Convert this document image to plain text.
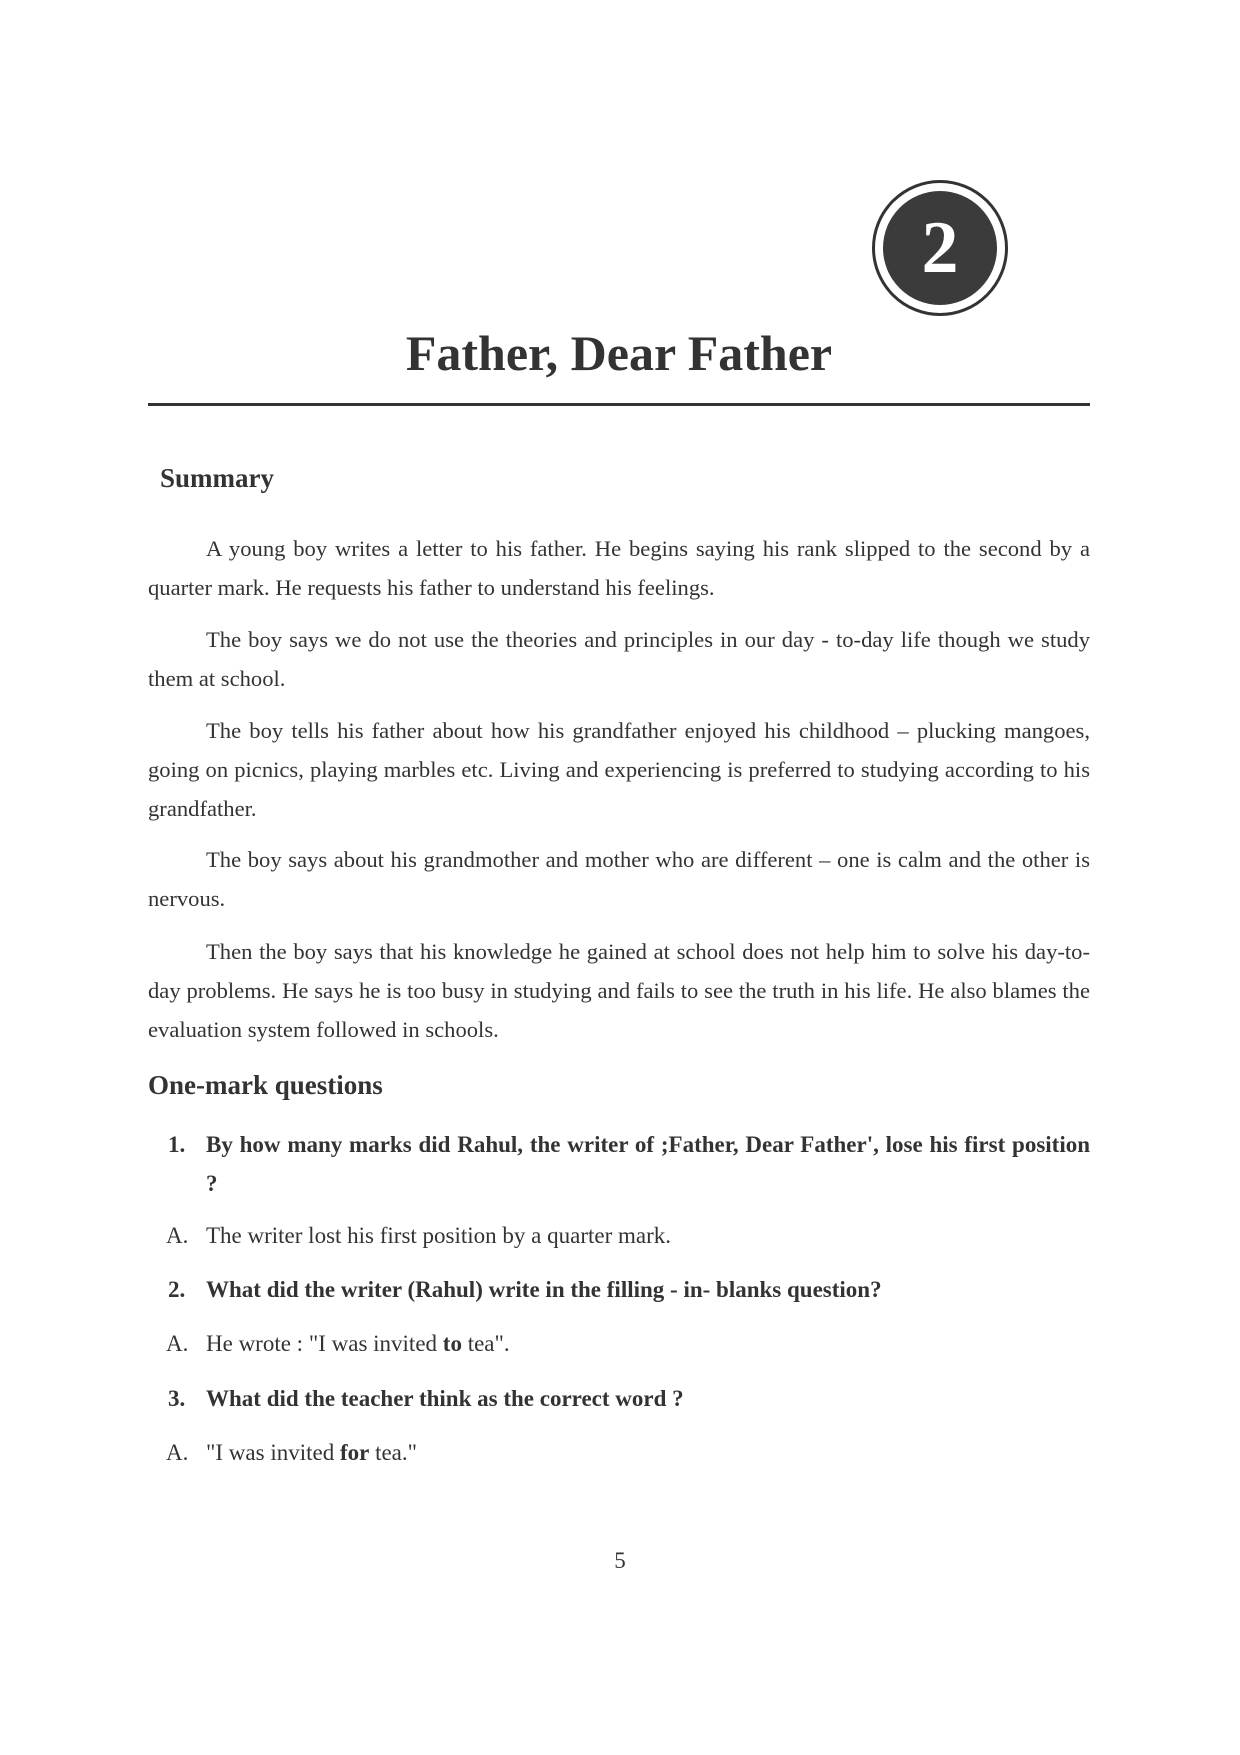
2
Father, Dear Father
Summary

A young boy writes a letter to his father. He begins saying his rank slipped to the second by a quarter mark. He requests his father to understand his feelings.

The boy says we do not use the theories and principles in our day - to-day life though we study them at school.

The boy tells his father about how his grandfather enjoyed his childhood – plucking mangoes, going on picnics, playing marbles etc. Living and experiencing is preferred to studying according to his grandfather.

The boy says about his grandmother and mother who are different – one is calm and the other is nervous.

Then the boy says that his knowledge he gained at school does not help him to solve his day-to-day problems. He says he is too busy in studying and fails to see the truth in his life. He also blames the evaluation system followed in schools.

One-mark questions
1. By how many marks did Rahul, the writer of ;Father, Dear Father', lose his first position ?
A. The writer lost his first position by a quarter mark.
2. What did the writer (Rahul) write in the filling - in- blanks question?
A. He wrote : "I was invited to tea".
3. What did the teacher think as the correct word ?
A. "I was invited for tea."
5
